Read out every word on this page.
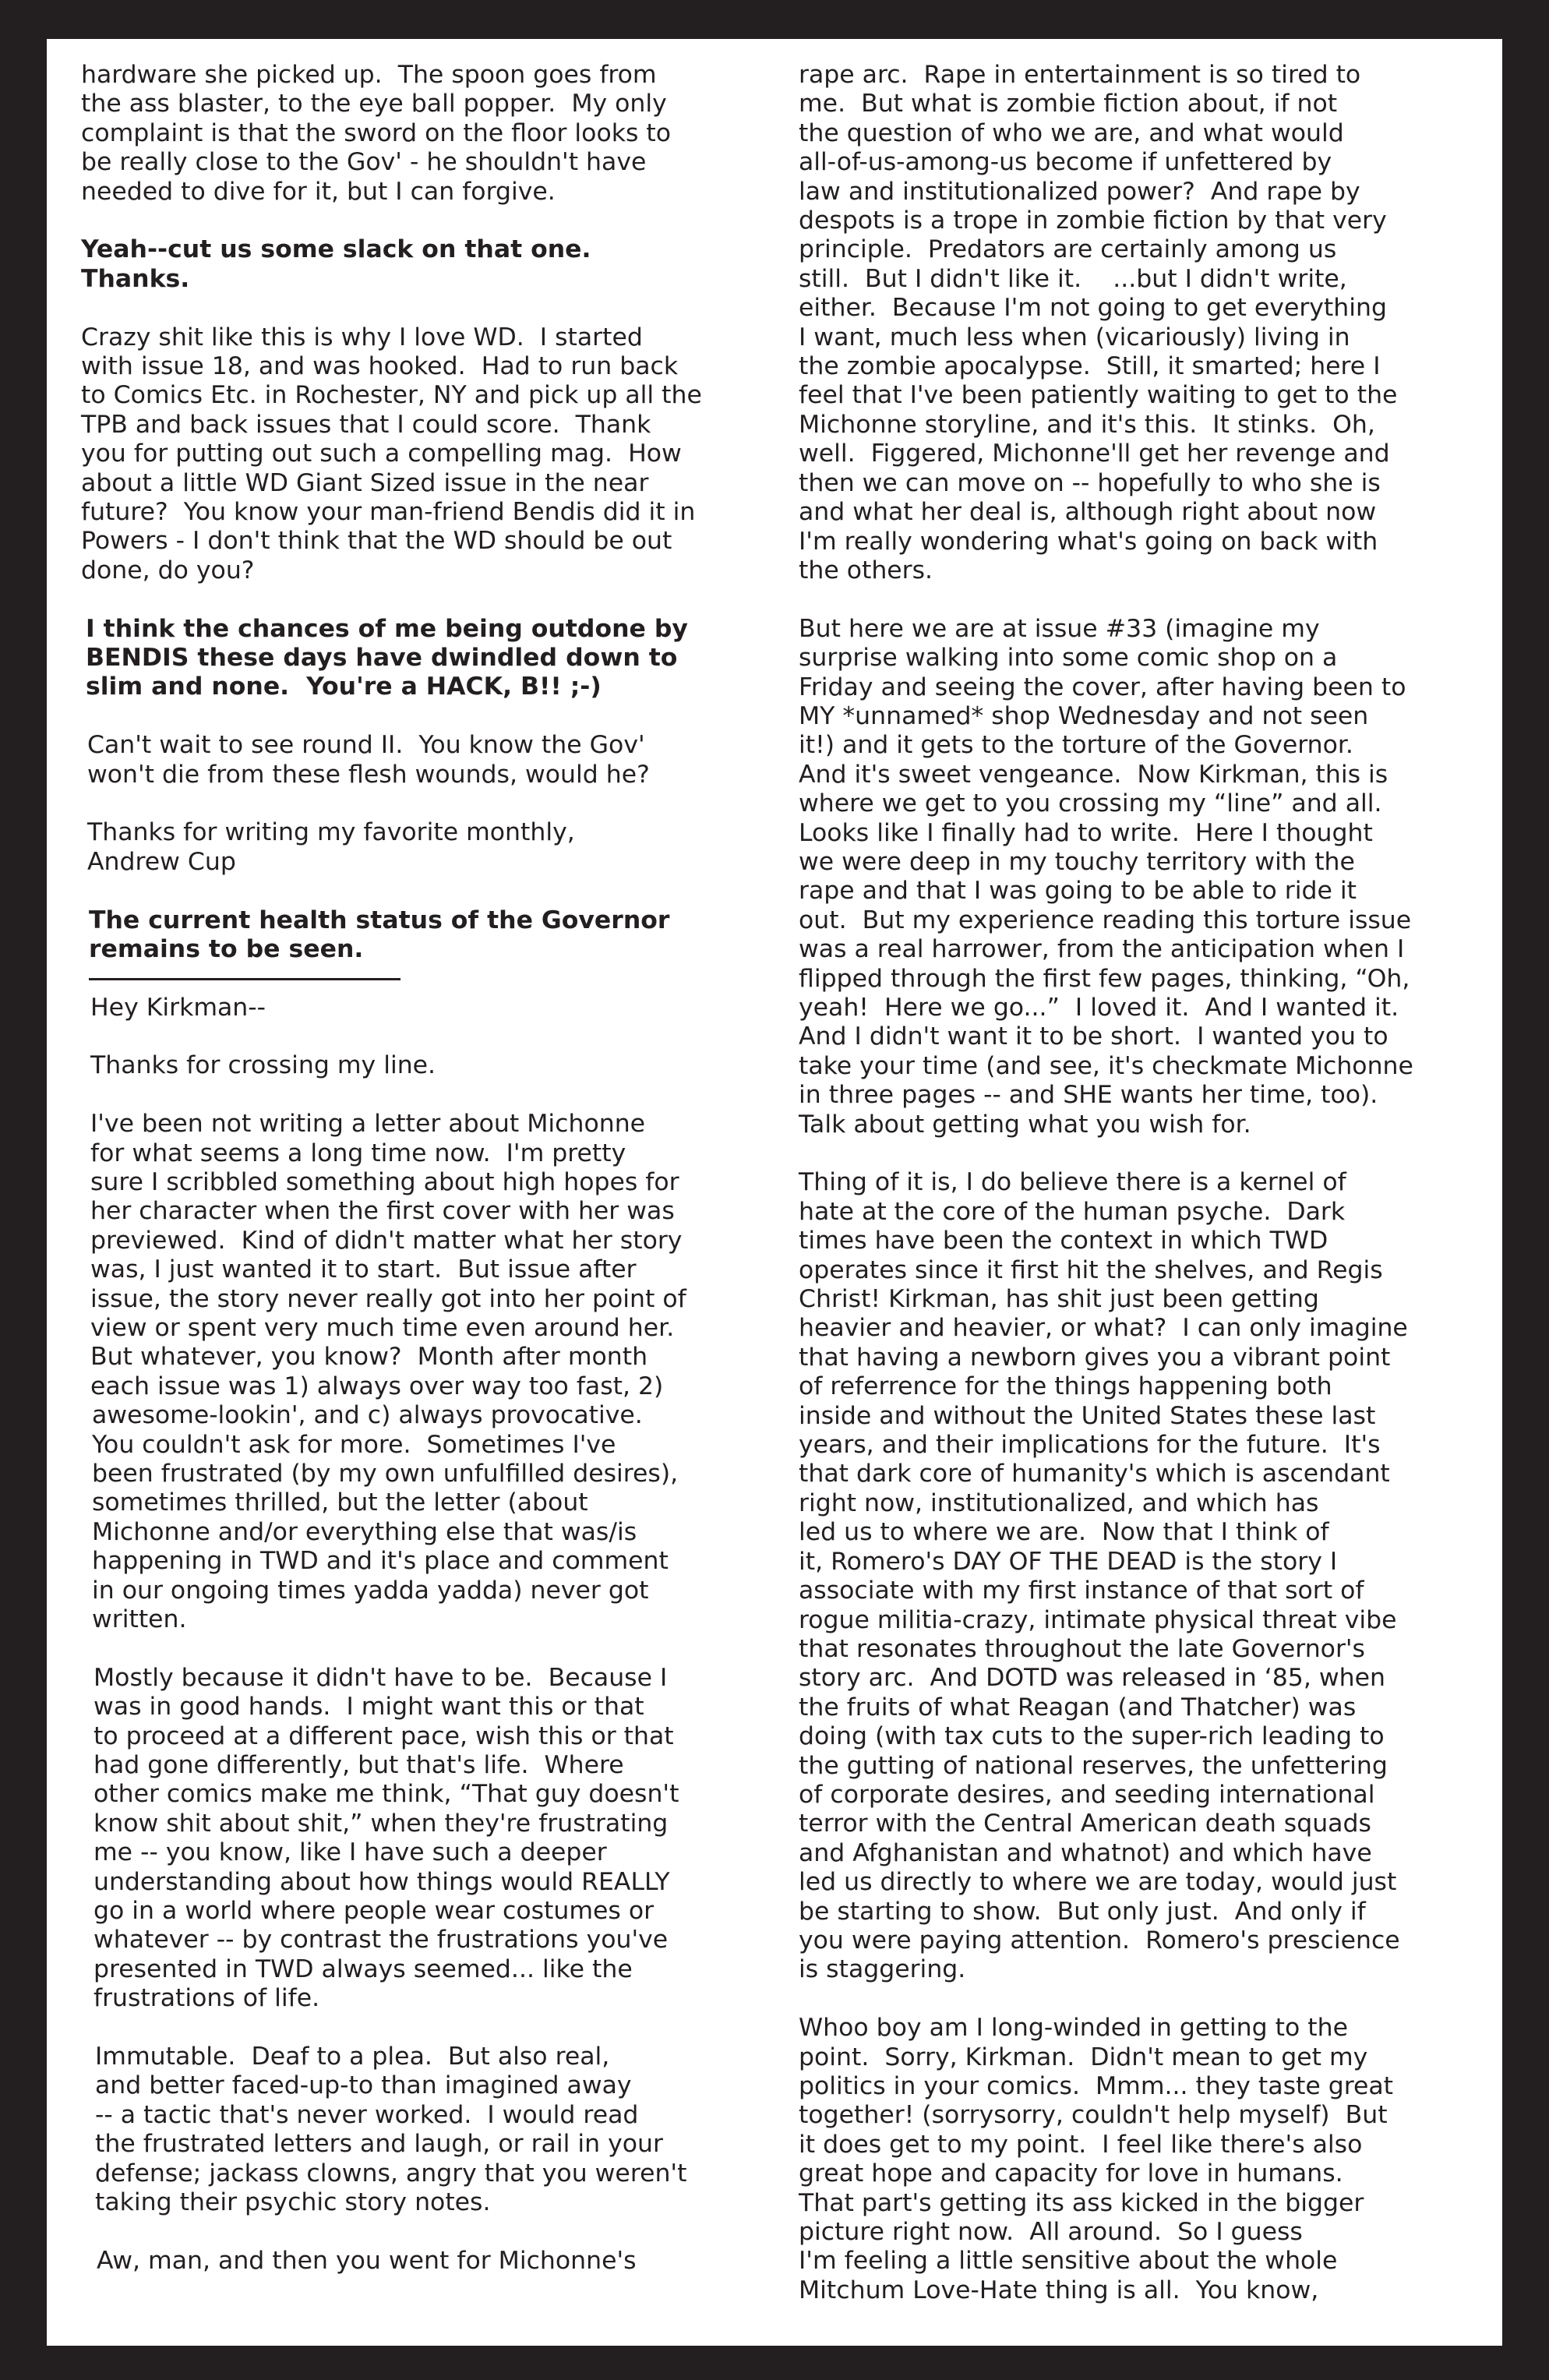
hardware she picked up.  The spoon goes from
the ass blaster, to the eye ball popper.  My only
complaint is that the sword on the floor looks to
be really close to the Gov' - he shouldn't have
needed to dive for it, but I can forgive.
Yeah--cut us some slack on that one.
Thanks.
Crazy shit like this is why I love WD.  I started
with issue 18, and was hooked.  Had to run back
to Comics Etc. in Rochester, NY and pick up all the
TPB and back issues that I could score.  Thank
you for putting out such a compelling mag.  How
about a little WD Giant Sized issue in the near
future?  You know your man-friend Bendis did it in
Powers - I don't think that the WD should be out
done, do you?
I think the chances of me being outdone by
BENDIS these days have dwindled down to
slim and none.  You're a HACK, B!! ;-)
Can't wait to see round II.  You know the Gov'
won't die from these flesh wounds, would he?
Thanks for writing my favorite monthly,
Andrew Cup
The current health status of the Governor
remains to be seen.
Hey Kirkman--
Thanks for crossing my line.
I've been not writing a letter about Michonne
for what seems a long time now.  I'm pretty
sure I scribbled something about high hopes for
her character when the first cover with her was
previewed.  Kind of didn't matter what her story
was, I just wanted it to start.  But issue after
issue, the story never really got into her point of
view or spent very much time even around her.
But whatever, you know?  Month after month
each issue was 1) always over way too fast, 2)
awesome-lookin', and c) always provocative.
You couldn't ask for more.  Sometimes I've
been frustrated (by my own unfulfilled desires),
sometimes thrilled, but the letter (about
Michonne and/or everything else that was/is
happening in TWD and it's place and comment
in our ongoing times yadda yadda) never got
written.
Mostly because it didn't have to be.  Because I
was in good hands.  I might want this or that
to proceed at a different pace, wish this or that
had gone differently, but that's life.  Where
other comics make me think, “That guy doesn't
know shit about shit,” when they're frustrating
me -- you know, like I have such a deeper
understanding about how things would REALLY
go in a world where people wear costumes or
whatever -- by contrast the frustrations you've
presented in TWD always seemed... like the
frustrations of life.
Immutable.  Deaf to a plea.  But also real,
and better faced-up-to than imagined away
-- a tactic that's never worked.  I would read
the frustrated letters and laugh, or rail in your
defense; jackass clowns, angry that you weren't
taking their psychic story notes.
Aw, man, and then you went for Michonne's
rape arc.  Rape in entertainment is so tired to
me.  But what is zombie fiction about, if not
the question of who we are, and what would
all-of-us-among-us become if unfettered by
law and institutionalized power?  And rape by
despots is a trope in zombie fiction by that very
principle.  Predators are certainly among us
still.  But I didn't like it.    ...but I didn't write,
either.  Because I'm not going to get everything
I want, much less when (vicariously) living in
the zombie apocalypse.  Still, it smarted; here I
feel that I've been patiently waiting to get to the
Michonne storyline, and it's this.  It stinks.  Oh,
well.  Figgered, Michonne'll get her revenge and
then we can move on -- hopefully to who she is
and what her deal is, although right about now
I'm really wondering what's going on back with
the others.
But here we are at issue #33 (imagine my
surprise walking into some comic shop on a
Friday and seeing the cover, after having been to
MY *unnamed* shop Wednesday and not seen
it!) and it gets to the torture of the Governor.
And it's sweet vengeance.  Now Kirkman, this is
where we get to you crossing my “line” and all.
Looks like I finally had to write.  Here I thought
we were deep in my touchy territory with the
rape and that I was going to be able to ride it
out.  But my experience reading this torture issue
was a real harrower, from the anticipation when I
flipped through the first few pages, thinking, “Oh,
yeah!  Here we go...”  I loved it.  And I wanted it.
And I didn't want it to be short.  I wanted you to
take your time (and see, it's checkmate Michonne
in three pages -- and SHE wants her time, too).
Talk about getting what you wish for.
Thing of it is, I do believe there is a kernel of
hate at the core of the human psyche.  Dark
times have been the context in which TWD
operates since it first hit the shelves, and Regis
Christ! Kirkman, has shit just been getting
heavier and heavier, or what?  I can only imagine
that having a newborn gives you a vibrant point
of referrence for the things happening both
inside and without the United States these last
years, and their implications for the future.  It's
that dark core of humanity's which is ascendant
right now, institutionalized, and which has
led us to where we are.  Now that I think of
it, Romero's DAY OF THE DEAD is the story I
associate with my first instance of that sort of
rogue militia-crazy, intimate physical threat vibe
that resonates throughout the late Governor's
story arc.  And DOTD was released in ‘85, when
the fruits of what Reagan (and Thatcher) was
doing (with tax cuts to the super-rich leading to
the gutting of national reserves, the unfettering
of corporate desires, and seeding international
terror with the Central American death squads
and Afghanistan and whatnot) and which have
led us directly to where we are today, would just
be starting to show.  But only just.  And only if
you were paying attention.  Romero's prescience
is staggering.
Whoo boy am I long-winded in getting to the
point.  Sorry, Kirkman.  Didn't mean to get my
politics in your comics.  Mmm... they taste great
together! (sorrysorry, couldn't help myself)  But
it does get to my point.  I feel like there's also
great hope and capacity for love in humans.
That part's getting its ass kicked in the bigger
picture right now.  All around.  So I guess
I'm feeling a little sensitive about the whole
Mitchum Love-Hate thing is all.  You know,
